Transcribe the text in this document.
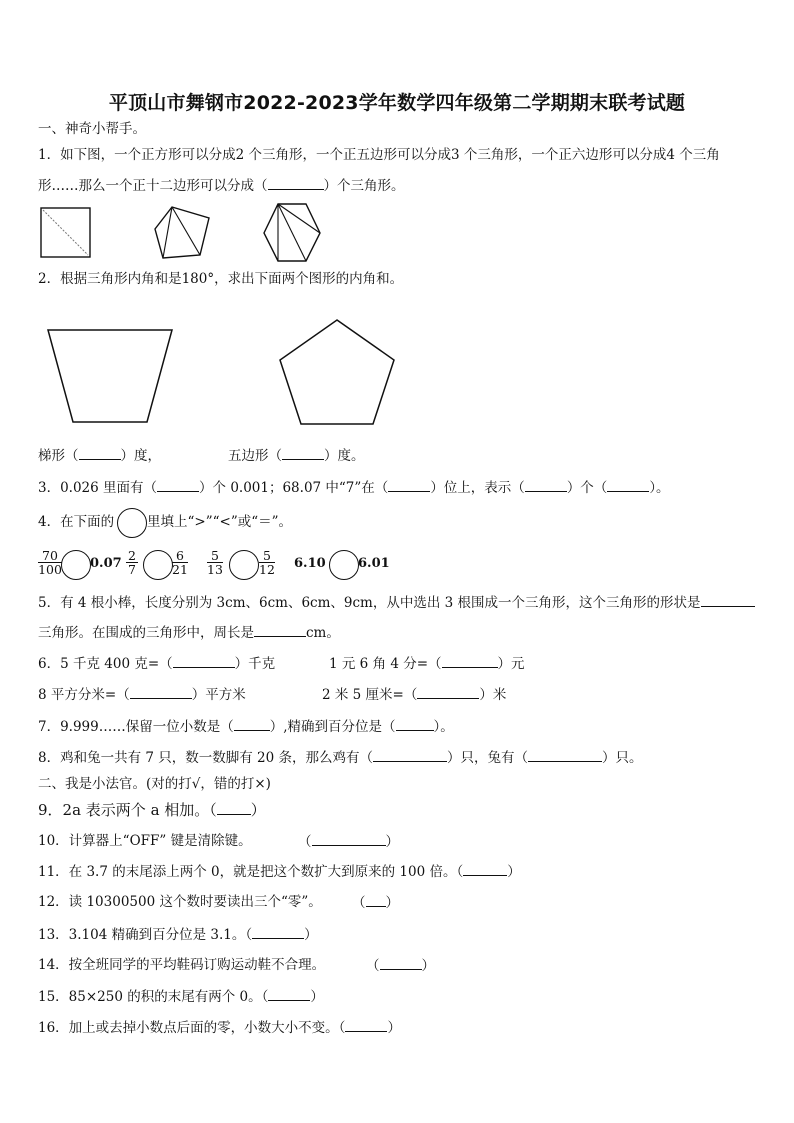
平顶山市舞钢市2022-2023学年数学四年级第二学期期末联考试题
一、神奇小帮手。
1．如下图，一个正方形可以分成2 个三角形，一个正五边形可以分成3 个三角形，一个正六边形可以分成4 个三角
形……那么一个正十二边形可以分成（	）个三角形。
2．根据三角形内角和是180°，求出下面两个图形的内角和。
梯形（	）度，	五边形（	）度。
3．0.026 里面有（	）个 0.001；68.07 中“7”在（	）位上，表示（	）个（	）。
4．在下面的 里填上“>”“<”或“＝”。
$\frac{70}{100} 0.07 \frac{2}{7}$	$\frac{6}{21} \frac{5}{13}$	$\frac{5}{12} 6.10$ 6.01
5．有 4 根小棒，长度分别为 3cm、6cm、6cm、9cm，从中选出 3 根围成一个三角形，这个三角形的形状是
三角形。在围成的三角形中，周长是	cm。
6．5 千克 400 克=（	）千克	1 元 6 角 4 分=（	）元
8 平方分米=（	）平方米	2 米 5 厘米=（	）米
7．9.999……保留一位小数是（	）,精确到百分位是（	）。
8．鸡和兔一共有 7 只，数一数脚有 20 条，那么鸡有（	）只，兔有（	）只。
二、我是小法官。(对的打√，错的打×)
9．2a 表示两个 a 相加。（ ）
10．计算器上“OFF” 键是清除键。	（	）
11．在 3.7 的末尾添上两个 0，就是把这个数扩大到原来的 100 倍。（	）
12．读 10300500 这个数时要读出三个“零”。 （ ）
13．3.104 精确到百分位是 3.1。（	）
14．按全班同学的平均鞋码订购运动鞋不合理。	（	）
15．85×250 的积的末尾有两个 0。（	）
16．加上或去掉小数点后面的零，小数大小不变。（	）
